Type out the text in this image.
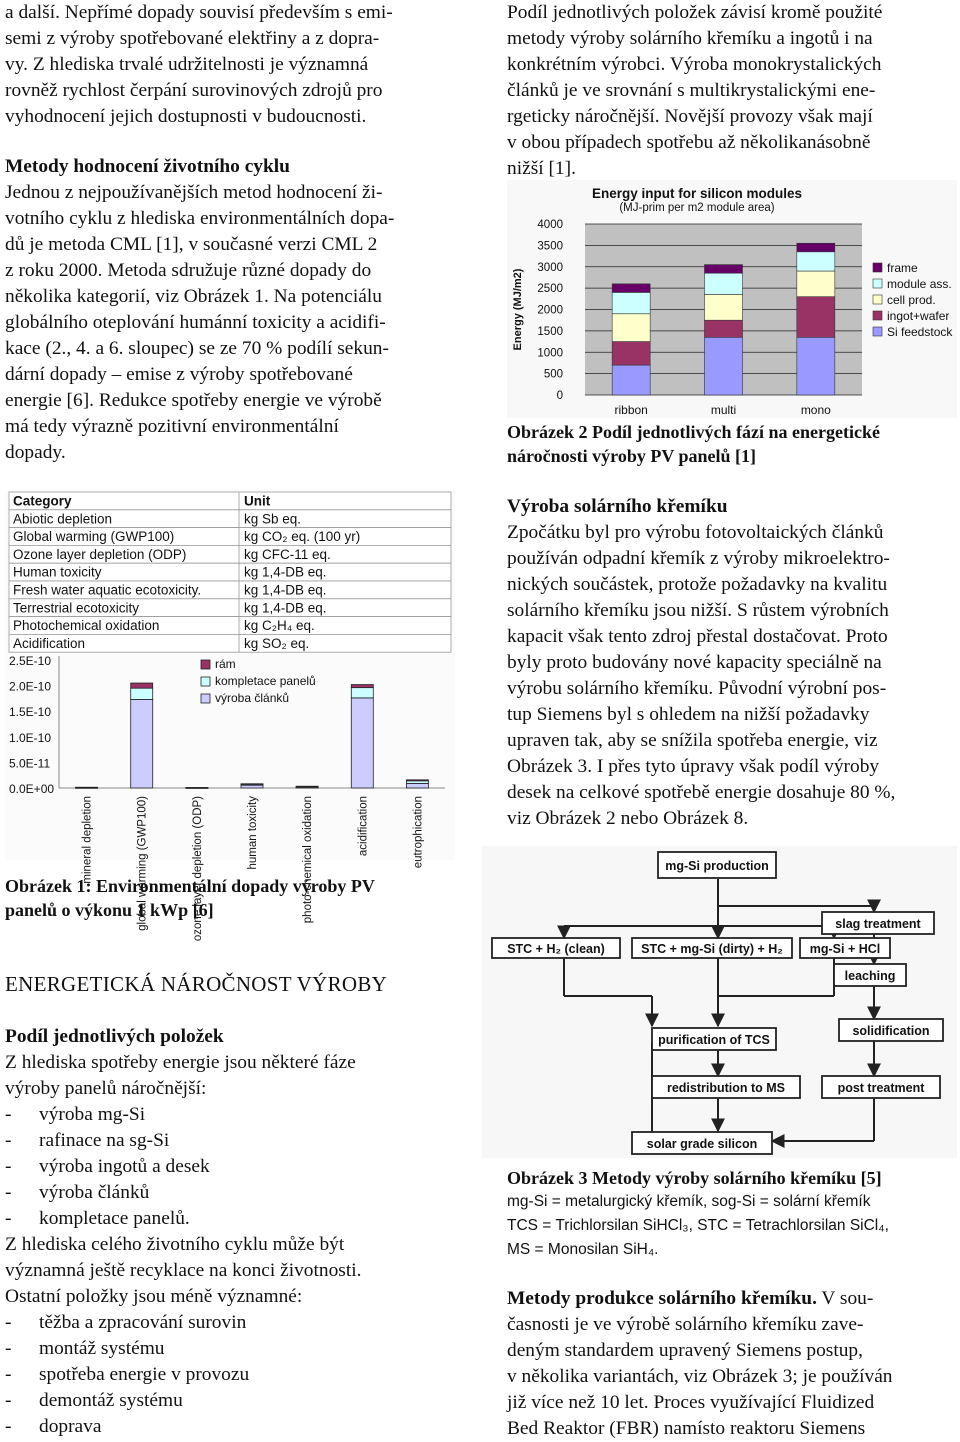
a další. Nepřímé dopady souvisí především s emi-

semi z výroby spotřebované elektřiny a z dopra-

vy. Z hlediska trvalé udržitelnosti je významná

rovněž rychlost čerpání surovinových zdrojů pro

vyhodnocení jejich dostupnosti v budoucnosti.

Metody hodnocení životního cyklu

Jednou z nejpoužívanějších metod hodnocení ži-

votního cyklu z hlediska environmentálních dopa-

dů je metoda CML [1], v současné verzi CML 2

z roku 2000. Metoda sdružuje různé dopady do

několika kategorií, viz Obrázek 1. Na potenciálu

globálního oteplování humánní toxicity a acidifi-

kace (2., 4. a 6. sloupec) se ze 70 % podílí sekun-

dární dopady – emise z výroby spotřebované

energie [6]. Redukce spotřeby energie ve výrobě

má tedy výrazně pozitivní environmentální

dopady.

Category	Unit
Abiotic depletion	kg Sb eq.
Global warming (GWP100)	kg CO₂ eq. (100 yr)
Ozone layer depletion (ODP)	kg CFC-11 eq.
Human toxicity	kg 1,4-DB eq.
Fresh water aquatic ecotoxicity.	kg 1,4-DB eq.
Terrestrial ecotoxicity	kg 1,4-DB eq.
Photochemical oxidation	kg C₂H₄ eq.
Acidification	kg SO₂ eq.
2.5E-10
2.0E-10
1.5E-10
1.0E-10
5.0E-11
0.0E+00
mineral depletion	global warming (GWP100)	ozone layer depletion (ODP)	human toxicity	photo-chemical oxidation	acidification	eutrophication
rám
kompletace panelů
výroba článků

Obrázek 1: Environmentální dopady výroby PV

panelů o výkonu 1 kWp [6]

ENERGETICKÁ NÁROČNOST VÝROBY

Podíl jednotlivých položek

Z hlediska spotřeby energie jsou některé fáze

výroby panelů náročnější:

- výroba mg-Si
- rafinace na sg-Si
- výroba ingotů a desek
- výroba článků
- kompletace panelů.

Z hlediska celého životního cyklu může být

významná ještě recyklace na konci životnosti.

Ostatní položky jsou méně významné:

- těžba a zpracování surovin
- montáž systému
- spotřeba energie v provozu
- demontáž systému
- doprava

Podíl jednotlivých položek závisí kromě použité

metody výroby solárního křemíku a ingotů i na

konkrétním výrobci. Výroba monokrystalických

článků je ve srovnání s multikrystalickými ene-

rgeticky náročnější. Novější provozy však mají

v obou případech spotřebu až několikanásobně

nižší [1].

Energy input for silicon modules
(MJ-prim per m2 module area)
0
500
1000
1500
2000
2500
3000
3500
4000
Energy (MJ/m2)
ribbon	multi	mono
frame
module ass.
cell prod.
ingot+wafer
Si feedstock

Obrázek 2 Podíl jednotlivých fází na energetické

náročnosti výroby PV panelů [1]

Výroba solárního křemíku

Zpočátku byl pro výrobu fotovoltaických článků

používán odpadní křemík z výroby mikroelektro-

nických součástek, protože požadavky na kvalitu

solárního křemíku jsou nižší. S růstem výrobních

kapacit však tento zdroj přestal dostačovat. Proto

byly proto budovány nové kapacity speciálně na

výrobu solárního křemíku. Původní výrobní pos-

tup Siemens byl s ohledem na nižší požadavky

upraven tak, aby se snížila spotřeba energie, viz

Obrázek 3. I přes tyto úpravy však podíl výroby

desek na celkové spotřebě energie dosahuje 80 %,

viz Obrázek 2 nebo Obrázek 8.

mg-Si production
slag treatment
STC + H₂ (clean)	STC + mg-Si (dirty) + H₂ mg-Si + HCl
leaching
purification of TCS
solidification
redistribution to MS	post treatment
solar grade silicon

Obrázek 3 Metody výroby solárního křemíku [5]

mg-Si = metalurgický křemík, sog-Si = solární křemík

TCS = Trichlorsilan SiHCl₃, STC = Tetrachlorsilan SiCl₄,

MS = Monosilan SiH₄.

Metody produkce solárního křemíku. V sou-

časnosti je ve výrobě solárního křemíku zave-

deným standardem upravený Siemens postup,

v několika variantách, viz Obrázek 3; je používán

již více než 10 let. Proces využívající Fluidized

Bed Reaktor (FBR) namísto reaktoru Siemens
